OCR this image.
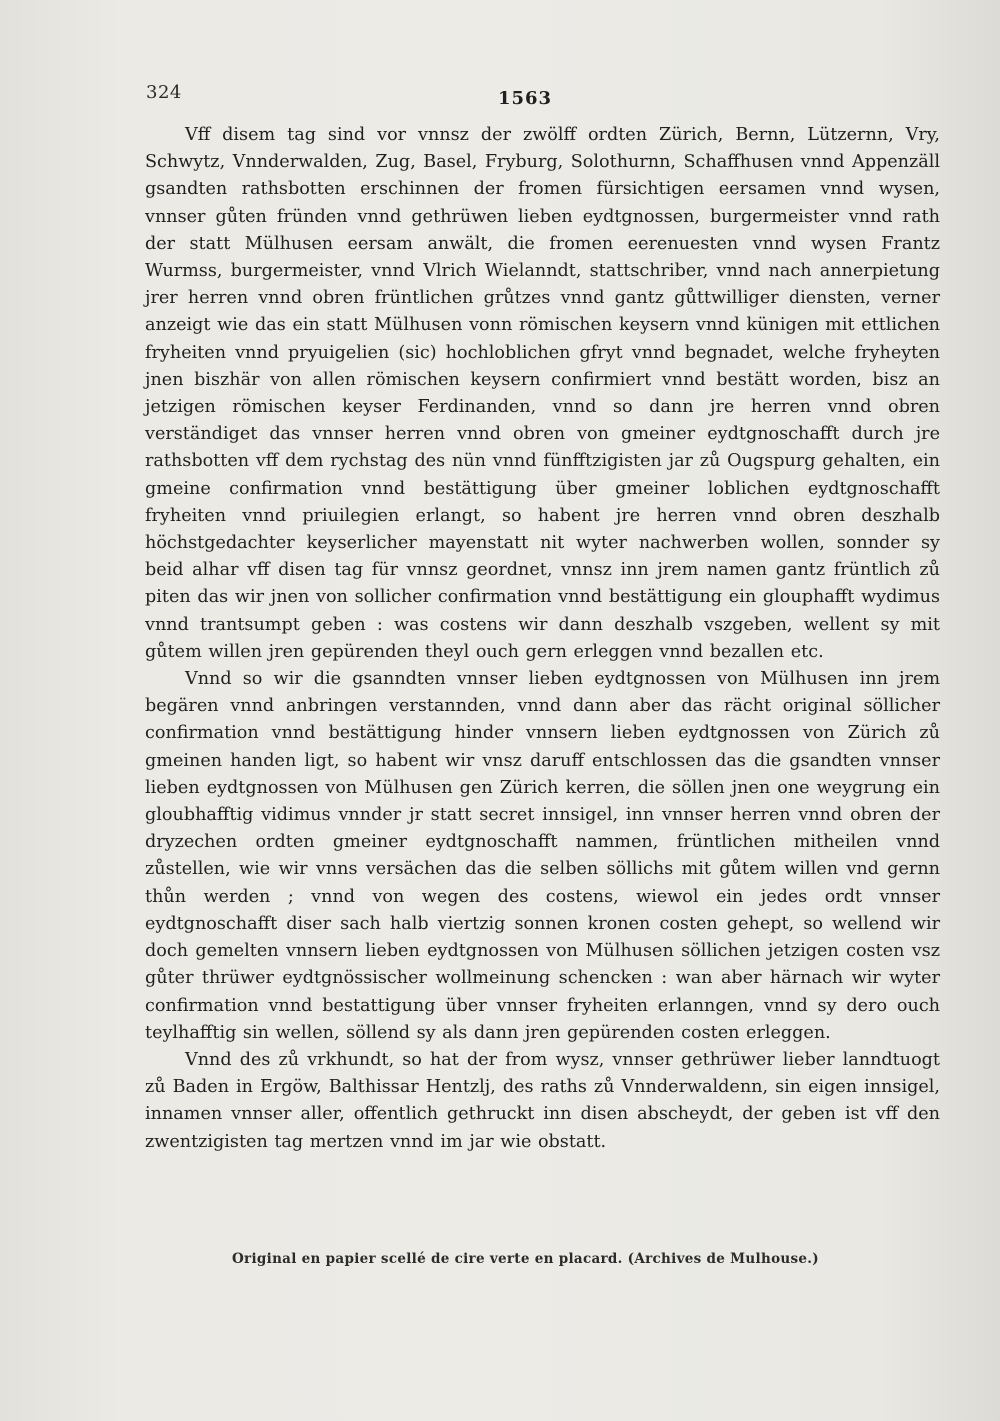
324	1563

Vff disem tag sind vor vnnsz der zwölff ordten Zürich, Bernn, Lützernn, Vry, Schwytz, Vnnderwalden, Zug, Basel, Fryburg, Solothurnn, Schaffhusen vnnd Appenzäll gsandten rathsbotten erschinnen der fromen fürsichtigen eersamen vnnd wysen, vnnser gůten fründen vnnd gethrüwen lieben eydtgnossen, burgermeister vnnd rath der statt Mülhusen eersam anwält, die fromen eerenuesten vnnd wysen Frantz Wurmss, burgermeister, vnnd Vlrich Wielanndt, stattschriber, vnnd nach annerpietung jrer herren vnnd obren früntlichen grůtzes vnnd gantz gůttwilliger diensten, verner anzeigt wie das ein statt Mülhusen vonn römischen keysern vnnd künigen mit ettlichen fryheiten vnnd pryuigelien (sic) hochloblichen gfryt vnnd begnadet, welche fryheyten jnen biszhär von allen römischen keysern confirmiert vnnd bestätt worden, bisz an jetzigen römischen keyser Ferdinanden, vnnd so dann jre herren vnnd obren verständiget das vnnser herren vnnd obren von gmeiner eydtgnoschafft durch jre rathsbotten vff dem rychstag des nün vnnd fünfftzigisten jar zů Ougspurg gehalten, ein gmeine confirmation vnnd bestättigung über gmeiner loblichen eydtgnoschafft fryheiten vnnd priuilegien erlangt, so habent jre herren vnnd obren deszhalb höchstgedachter keyserlicher mayenstatt nit wyter nachwerben wollen, sonnder sy beid alhar vff disen tag für vnnsz geordnet, vnnsz inn jrem namen gantz früntlich zů piten das wir jnen von sollicher confirmation vnnd bestättigung ein glouphafft wydimus vnnd trantsumpt geben : was costens wir dann deszhalb vszgeben, wellent sy mit gůtem willen jren gepürenden theyl ouch gern erleggen vnnd bezallen etc.

Vnnd so wir die gsanndten vnnser lieben eydtgnossen von Mülhusen inn jrem begären vnnd anbringen verstannden, vnnd dann aber das rächt original söllicher confirmation vnnd bestättigung hinder vnnsern lieben eydtgnossen von Zürich zů gmeinen handen ligt, so habent wir vnsz daruff entschlossen das die gsandten vnnser lieben eydtgnossen von Mülhusen gen Zürich kerren, die söllen jnen one weygrung ein gloubhafftig vidimus vnnder jr statt secret innsigel, inn vnnser herren vnnd obren der dryzechen ordten gmeiner eydtgnoschafft nammen, früntlichen mitheilen vnnd zůstellen, wie wir vnns versächen das die selben söllichs mit gůtem willen vnd gernn thůn werden ; vnnd von wegen des costens, wiewol ein jedes ordt vnnser eydtgnoschafft diser sach halb viertzig sonnen kronen costen gehept, so wellend wir doch gemelten vnnsern lieben eydtgnossen von Mülhusen söllichen jetzigen costen vsz gůter thrüwer eydtgnössischer wollmeinung schencken : wan aber härnach wir wyter confirmation vnnd bestattigung über vnnser fryheiten erlanngen, vnnd sy dero ouch teylhafftig sin wellen, söllend sy als dann jren gepürenden costen erleggen.

Vnnd des zů vrkhundt, so hat der from wysz, vnnser gethrüwer lieber lanndtuogt zů Baden in Ergöw, Balthissar Hentzlj, des raths zů Vnnderwaldenn, sin eigen innsigel, innamen vnnser aller, offentlich gethruckt inn disen abscheydt, der geben ist vff den zwentzigisten tag mertzen vnnd im jar wie obstatt.

Original en papier scellé de cire verte en placard. (Archives de Mulhouse.)
